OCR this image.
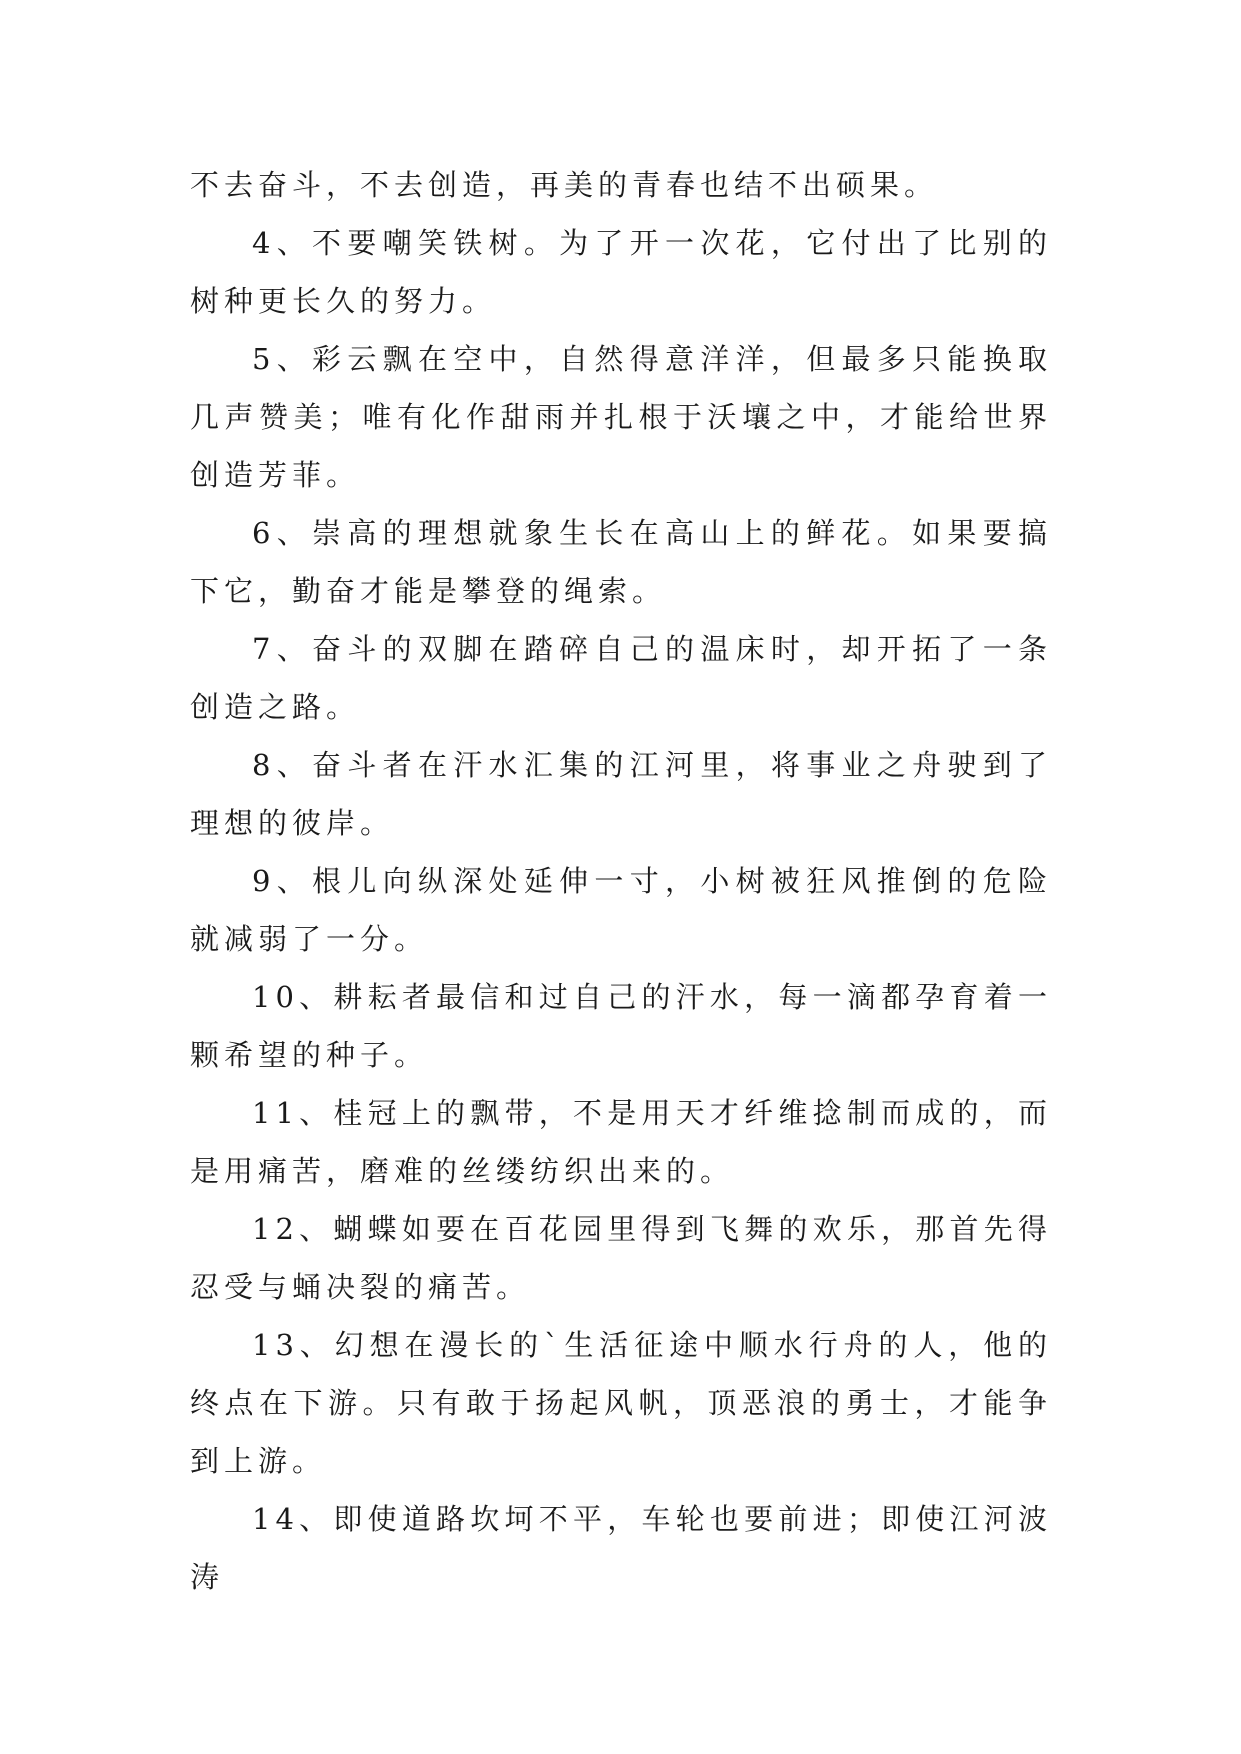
不去奋斗，不去创造，再美的青春也结不出硕果。

4、不要嘲笑铁树。为了开一次花，它付出了比别的树种更长久的努力。

5、彩云飘在空中，自然得意洋洋，但最多只能换取几声赞美；唯有化作甜雨并扎根于沃壤之中，才能给世界创造芳菲。

6、崇高的理想就象生长在高山上的鲜花。如果要搞下它，勤奋才能是攀登的绳索。

7、奋斗的双脚在踏碎自己的温床时，却开拓了一条创造之路。

8、奋斗者在汗水汇集的江河里，将事业之舟驶到了理想的彼岸。

9、根儿向纵深处延伸一寸，小树被狂风推倒的危险就减弱了一分。

10、耕耘者最信和过自己的汗水，每一滴都孕育着一颗希望的种子。

11、桂冠上的飘带，不是用天才纤维捻制而成的，而是用痛苦，磨难的丝缕纺织出来的。

12、蝴蝶如要在百花园里得到飞舞的欢乐，那首先得忍受与蛹决裂的痛苦。

13、幻想在漫长的`生活征途中顺水行舟的人，他的终点在下游。只有敢于扬起风帆，顶恶浪的勇士，才能争到上游。

14、即使道路坎坷不平，车轮也要前进；即使江河波涛
